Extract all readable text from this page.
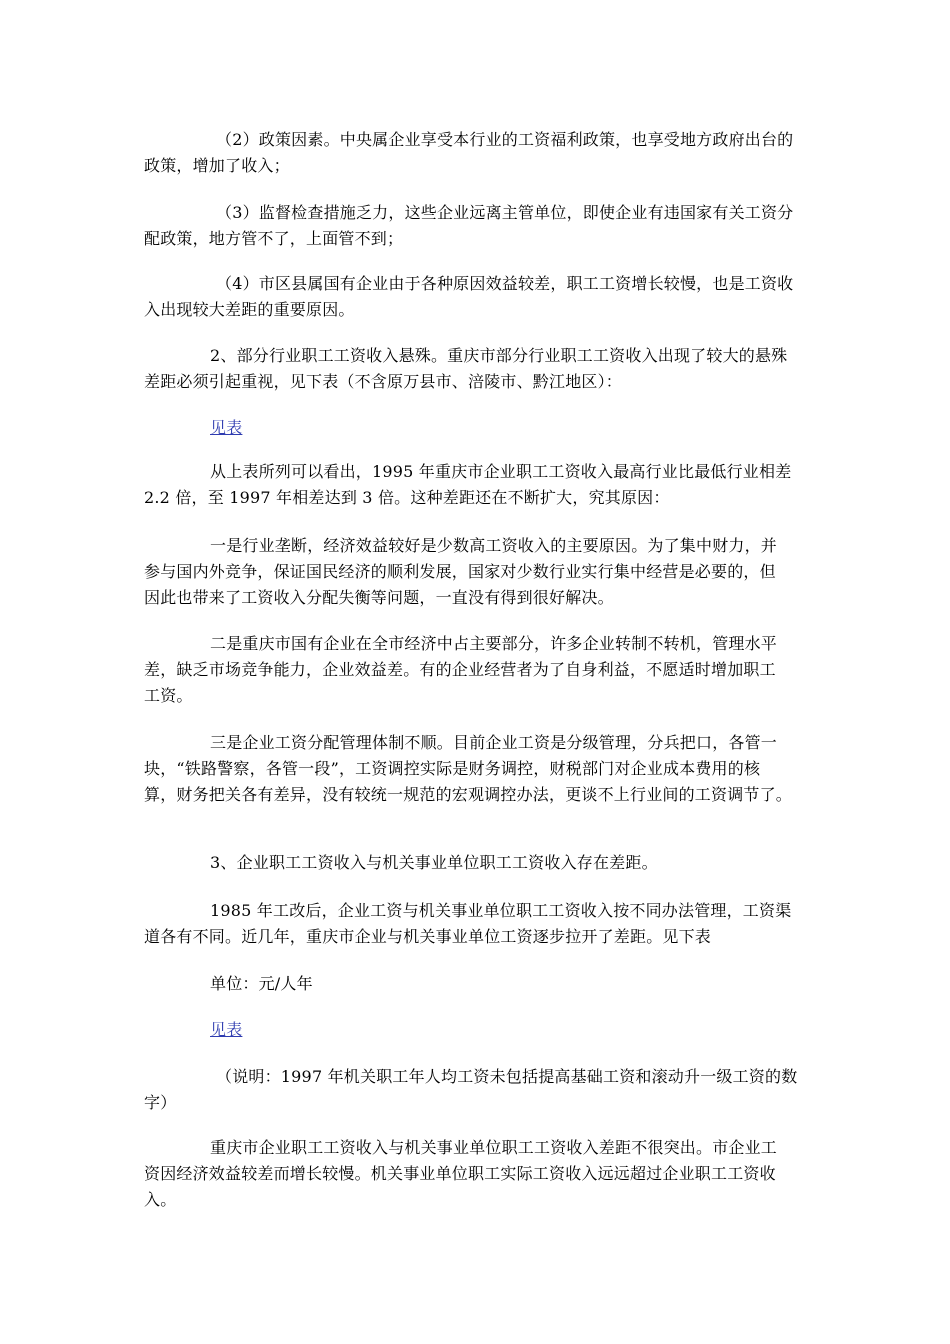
（2）政策因素。中央属企业享受本行业的工资福利政策，也享受地方政府出台的
政策，增加了收入；

（3）监督检查措施乏力，这些企业远离主管单位，即使企业有违国家有关工资分
配政策，地方管不了，上面管不到；

（4）市区县属国有企业由于各种原因效益较差，职工工资增长较慢，也是工资收
入出现较大差距的重要原因。

2、部分行业职工工资收入悬殊。重庆市部分行业职工工资收入出现了较大的悬殊
差距必须引起重视，见下表（不含原万县市、涪陵市、黔江地区）：

见表

从上表所列可以看出，1995 年重庆市企业职工工资收入最高行业比最低行业相差
2.2 倍，至 1997 年相差达到 3 倍。这种差距还在不断扩大，究其原因：

一是行业垄断，经济效益较好是少数高工资收入的主要原因。为了集中财力，并
参与国内外竞争，保证国民经济的顺利发展，国家对少数行业实行集中经营是必要的，但
因此也带来了工资收入分配失衡等问题，一直没有得到很好解决。

二是重庆市国有企业在全市经济中占主要部分，许多企业转制不转机，管理水平
差，缺乏市场竞争能力，企业效益差。有的企业经营者为了自身利益，不愿适时增加职工
工资。

三是企业工资分配管理体制不顺。目前企业工资是分级管理，分兵把口，各管一
块，“铁路警察，各管一段”，工资调控实际是财务调控，财税部门对企业成本费用的核
算，财务把关各有差异，没有较统一规范的宏观调控办法，更谈不上行业间的工资调节了。

3、企业职工工资收入与机关事业单位职工工资收入存在差距。

1985 年工改后，企业工资与机关事业单位职工工资收入按不同办法管理，工资渠
道各有不同。近几年，重庆市企业与机关事业单位工资逐步拉开了差距。见下表

单位：元/人年

见表

（说明：1997 年机关职工年人均工资未包括提高基础工资和滚动升一级工资的数
字）

重庆市企业职工工资收入与机关事业单位职工工资收入差距不很突出。市企业工
资因经济效益较差而增长较慢。机关事业单位职工实际工资收入远远超过企业职工工资收
入。
